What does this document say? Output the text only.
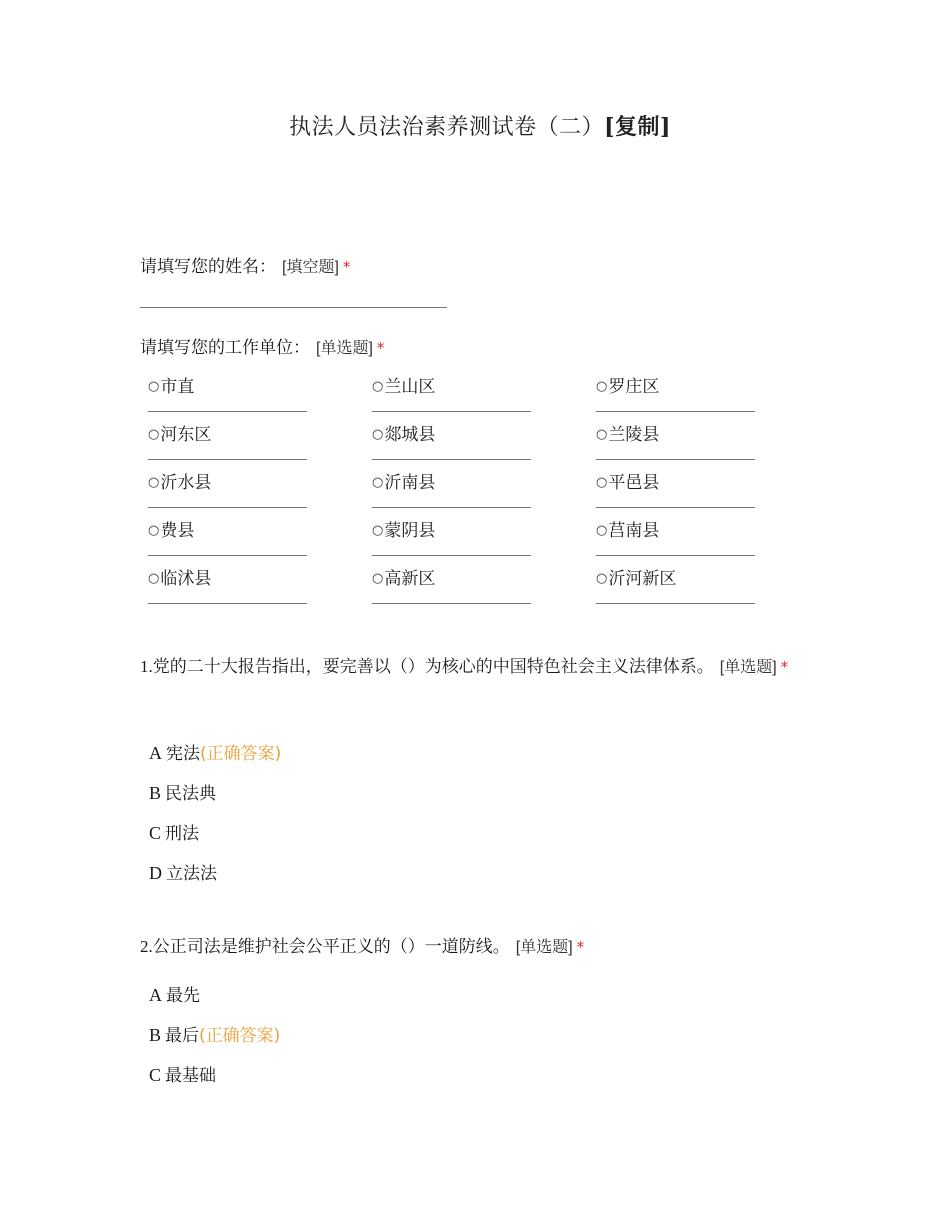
执法人员法治素养测试卷（二）[复制]
请填写您的姓名： [填空题] *
请填写您的工作单位： [单选题] *
○市直	○兰山区	○罗庄区
○河东区	○郯城县	○兰陵县
○沂水县	○沂南县	○平邑县
○费县	○蒙阴县	○莒南县
○临沭县	○高新区	○沂河新区
1.党的二十大报告指出，要完善以（）为核心的中国特色社会主义法律体系。 [单选题] *
A 宪法(正确答案)
B 民法典
C 刑法
D 立法法
2.公正司法是维护社会公平正义的（）一道防线。 [单选题] *
A 最先
B 最后(正确答案)
C 最基础
